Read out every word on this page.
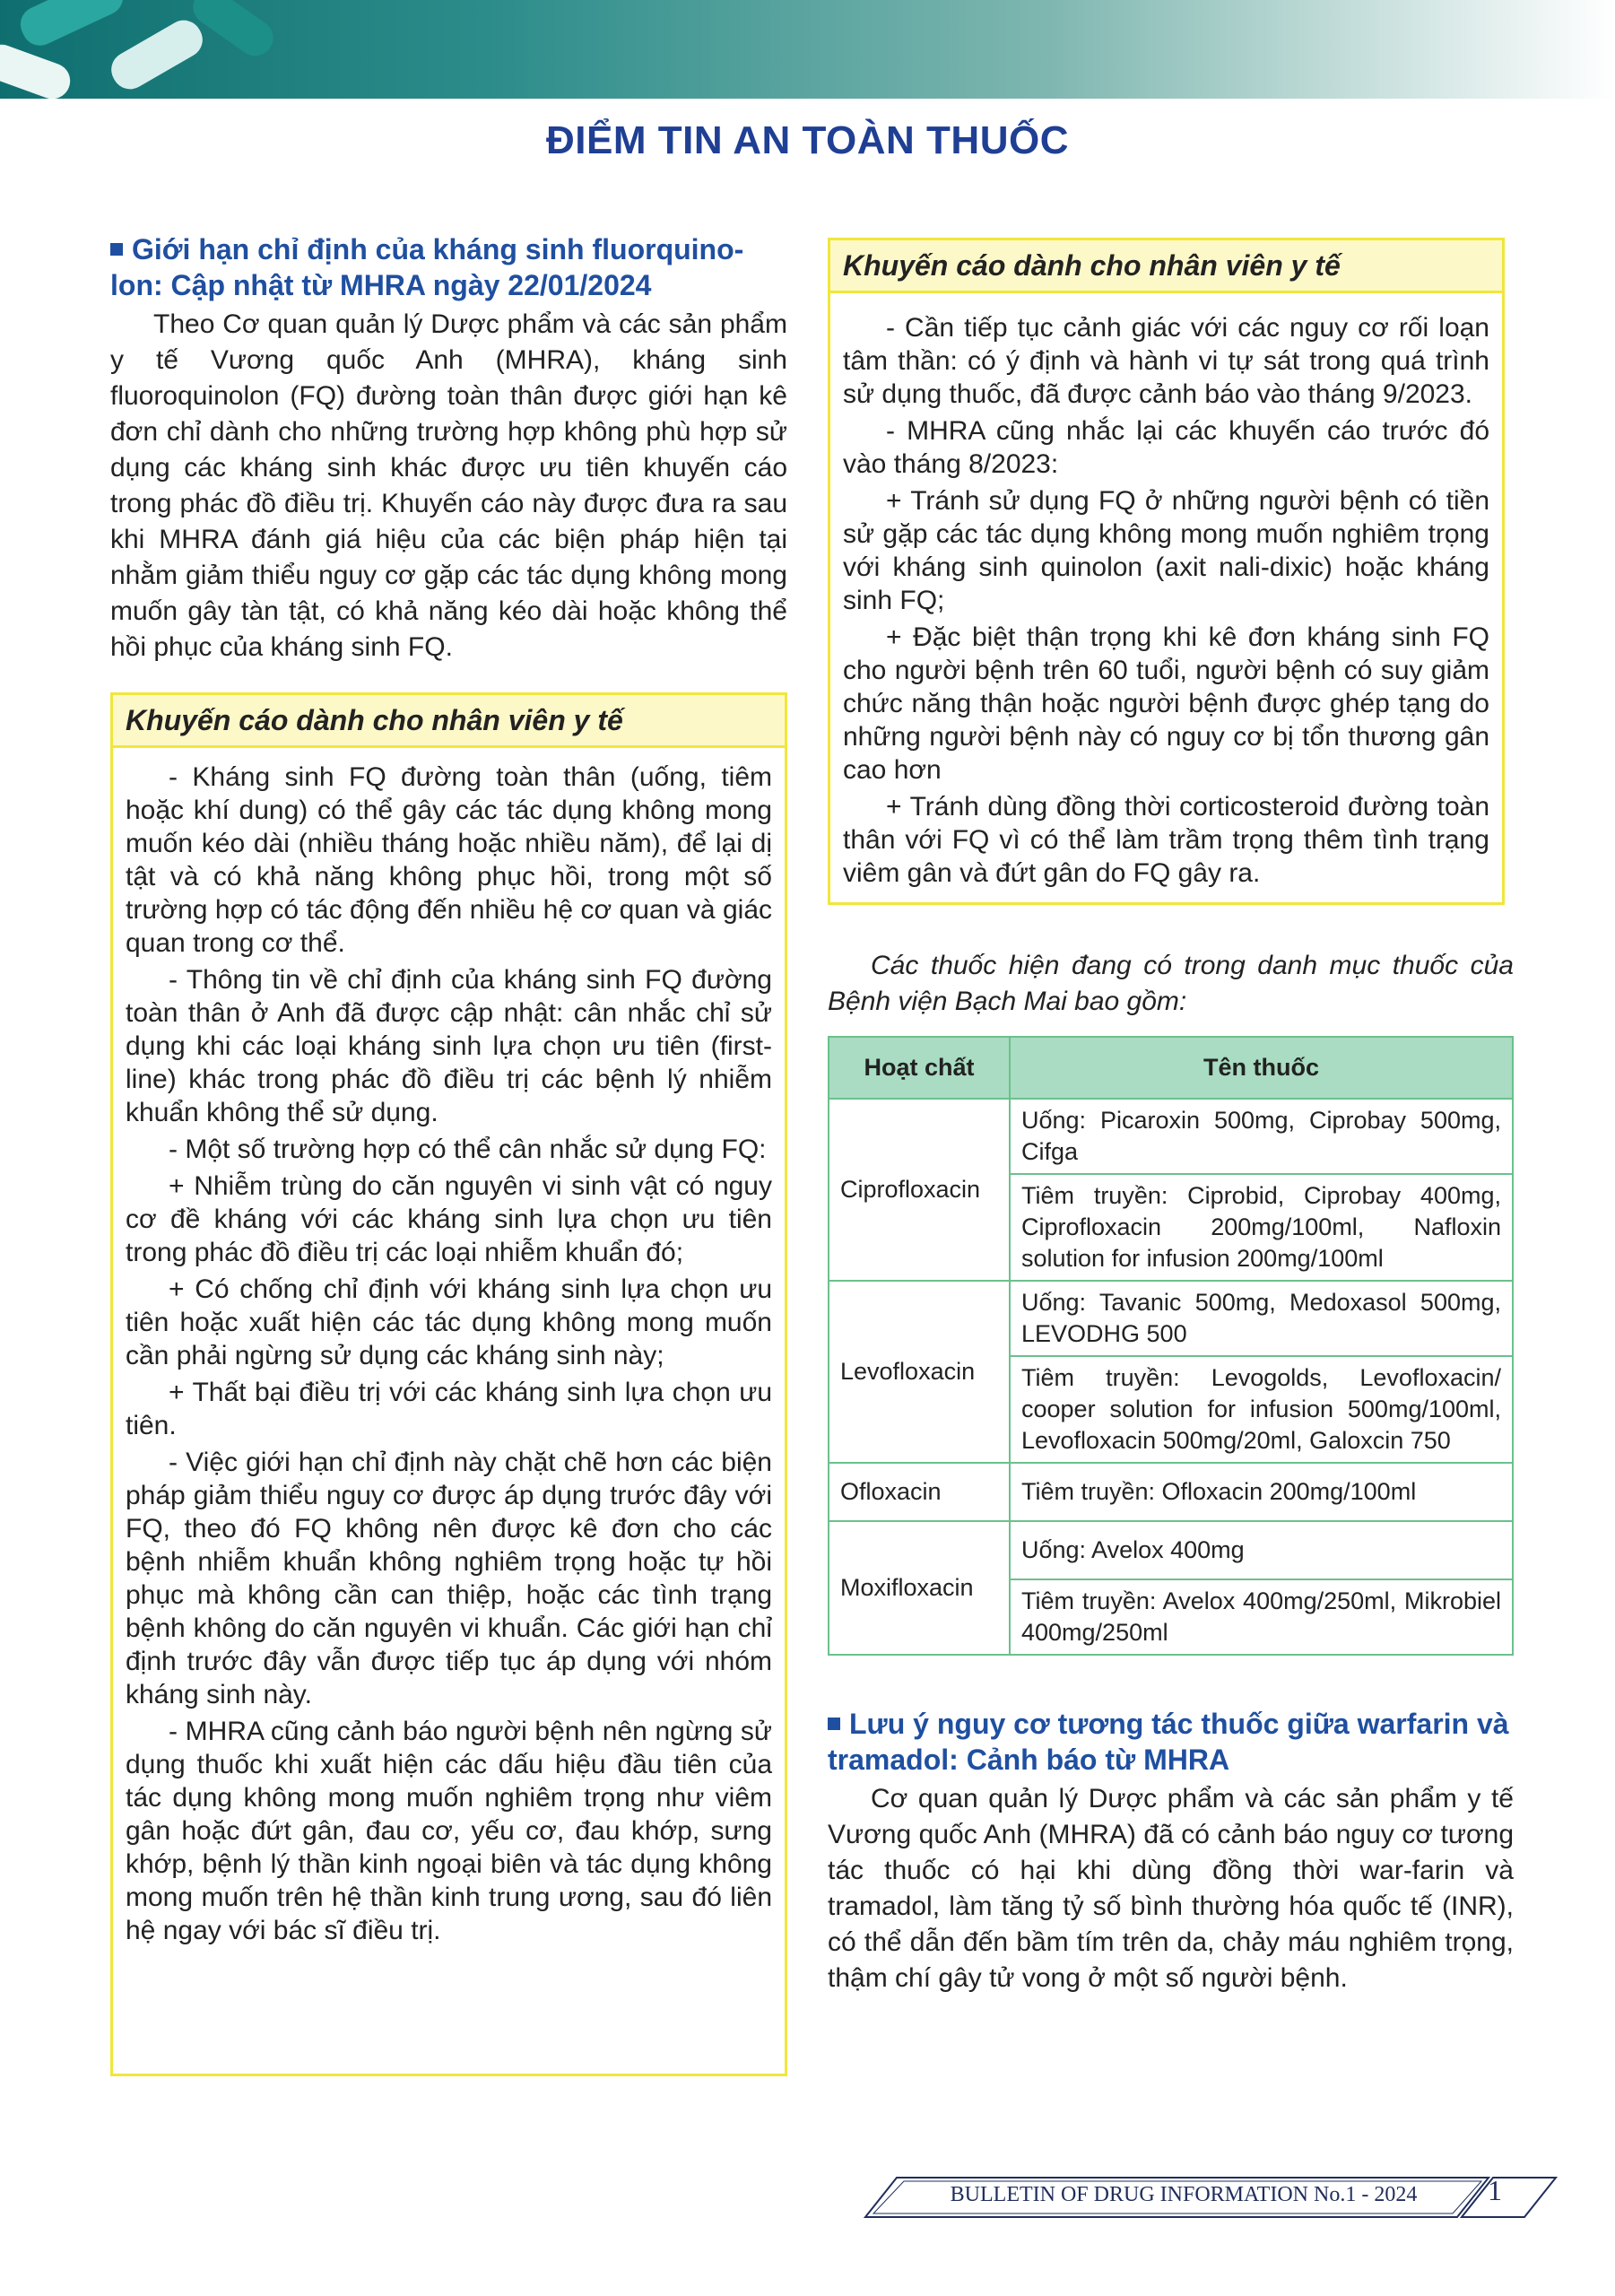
ĐIỂM TIN AN TOÀN THUỐC
Giới hạn chỉ định của kháng sinh fluorquino-lon: Cập nhật từ MHRA ngày 22/01/2024

Theo Cơ quan quản lý Dược phẩm và các sản phẩm y tế Vương quốc Anh (MHRA), kháng sinh fluoroquinolon (FQ) đường toàn thân được giới hạn kê đơn chỉ dành cho những trường hợp không phù hợp sử dụng các kháng sinh khác được ưu tiên khuyến cáo trong phác đồ điều trị. Khuyến cáo này được đưa ra sau khi MHRA đánh giá hiệu của các biện pháp hiện tại nhằm giảm thiểu nguy cơ gặp các tác dụng không mong muốn gây tàn tật, có khả năng kéo dài hoặc không thể hồi phục của kháng sinh FQ.

Khuyến cáo dành cho nhân viên y tế

- Kháng sinh FQ đường toàn thân (uống, tiêm hoặc khí dung) có thể gây các tác dụng không mong muốn kéo dài (nhiều tháng hoặc nhiều năm), để lại dị tật và có khả năng không phục hồi, trong một số trường hợp có tác động đến nhiều hệ cơ quan và giác quan trong cơ thể.

- Thông tin về chỉ định của kháng sinh FQ đường toàn thân ở Anh đã được cập nhật: cân nhắc chỉ sử dụng khi các loại kháng sinh lựa chọn ưu tiên (first-line) khác trong phác đồ điều trị các bệnh lý nhiễm khuẩn không thể sử dụng.

- Một số trường hợp có thể cân nhắc sử dụng FQ:

+ Nhiễm trùng do căn nguyên vi sinh vật có nguy cơ đề kháng với các kháng sinh lựa chọn ưu tiên trong phác đồ điều trị các loại nhiễm khuẩn đó;

+ Có chống chỉ định với kháng sinh lựa chọn ưu tiên hoặc xuất hiện các tác dụng không mong muốn cần phải ngừng sử dụng các kháng sinh này;

+ Thất bại điều trị với các kháng sinh lựa chọn ưu tiên.

- Việc giới hạn chỉ định này chặt chẽ hơn các biện pháp giảm thiểu nguy cơ được áp dụng trước đây với FQ, theo đó FQ không nên được kê đơn cho các bệnh nhiễm khuẩn không nghiêm trọng hoặc tự hồi phục mà không cần can thiệp, hoặc các tình trạng bệnh không do căn nguyên vi khuẩn. Các giới hạn chỉ định trước đây vẫn được tiếp tục áp dụng với nhóm kháng sinh này.

- MHRA cũng cảnh báo người bệnh nên ngừng sử dụng thuốc khi xuất hiện các dấu hiệu đầu tiên của tác dụng không mong muốn nghiêm trọng như viêm gân hoặc đứt gân, đau cơ, yếu cơ, đau khớp, sưng khớp, bệnh lý thần kinh ngoại biên và tác dụng không mong muốn trên hệ thần kinh trung ương, sau đó liên hệ ngay với bác sĩ điều trị.

Khuyến cáo dành cho nhân viên y tế

- Cần tiếp tục cảnh giác với các nguy cơ rối loạn tâm thần: có ý định và hành vi tự sát trong quá trình sử dụng thuốc, đã được cảnh báo vào tháng 9/2023.

- MHRA cũng nhắc lại các khuyến cáo trước đó vào tháng 8/2023:

+ Tránh sử dụng FQ ở những người bệnh có tiền sử gặp các tác dụng không mong muốn nghiêm trọng với kháng sinh quinolon (axit nali-dixic) hoặc kháng sinh FQ;

+ Đặc biệt thận trọng khi kê đơn kháng sinh FQ cho người bệnh trên 60 tuổi, người bệnh có suy giảm chức năng thận hoặc người bệnh được ghép tạng do những người bệnh này có nguy cơ bị tổn thương gân cao hơn

+ Tránh dùng đồng thời corticosteroid đường toàn thân với FQ vì có thể làm trầm trọng thêm tình trạng viêm gân và đứt gân do FQ gây ra.

Các thuốc hiện đang có trong danh mục thuốc của Bệnh viện Bạch Mai bao gồm:

Hoạt chất	Tên thuốc
Ciprofloxacin	Uống: Picaroxin 500mg, Ciprobay 500mg, Cifga
	Tiêm truyền: Ciprobid, Ciprobay 400mg, Ciprofloxacin 200mg/100ml, Nafloxin solution for infusion 200mg/100ml
Levofloxacin	Uống: Tavanic 500mg, Medoxasol 500mg, LEVODHG 500
	Tiêm truyền: Levogolds, Levofloxacin/ cooper solution for infusion 500mg/100ml, Levofloxacin 500mg/20ml, Galoxcin 750
Ofloxacin	Tiêm truyền: Ofloxacin 200mg/100ml
Moxifloxacin	Uống: Avelox 400mg
	Tiêm truyền: Avelox 400mg/250ml, Mikrobiel 400mg/250ml
Lưu ý nguy cơ tương tác thuốc giữa warfarin và tramadol: Cảnh báo từ MHRA

Cơ quan quản lý Dược phẩm và các sản phẩm y tế Vương quốc Anh (MHRA) đã có cảnh báo nguy cơ tương tác thuốc có hại khi dùng đồng thời war-farin và tramadol, làm tăng tỷ số bình thường hóa quốc tế (INR), có thể dẫn đến bầm tím trên da, chảy máu nghiêm trọng, thậm chí gây tử vong ở một số người bệnh.

BULLETIN OF DRUG INFORMATION No.1 - 2024	1
